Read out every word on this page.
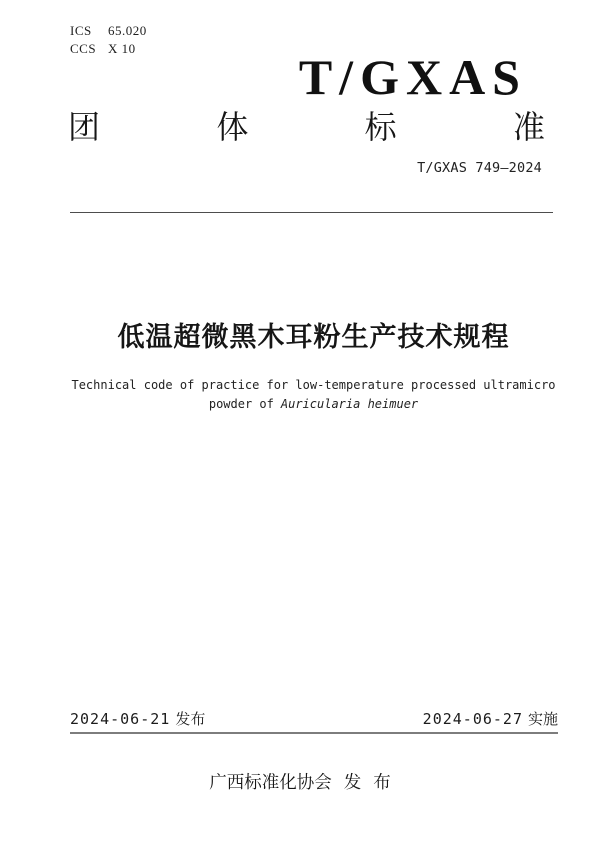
ICS 65.020
CCS X 10
T/GXAS
团	体	标	准
T/GXAS 749—2024
低温超微黑木耳粉生产技术规程
Technical code of practice for low-temperature processed ultramicro
powder of Auricularia heimuer
2024-06-21 发布	2024-06-27 实施
广西标准化协会 发 布
